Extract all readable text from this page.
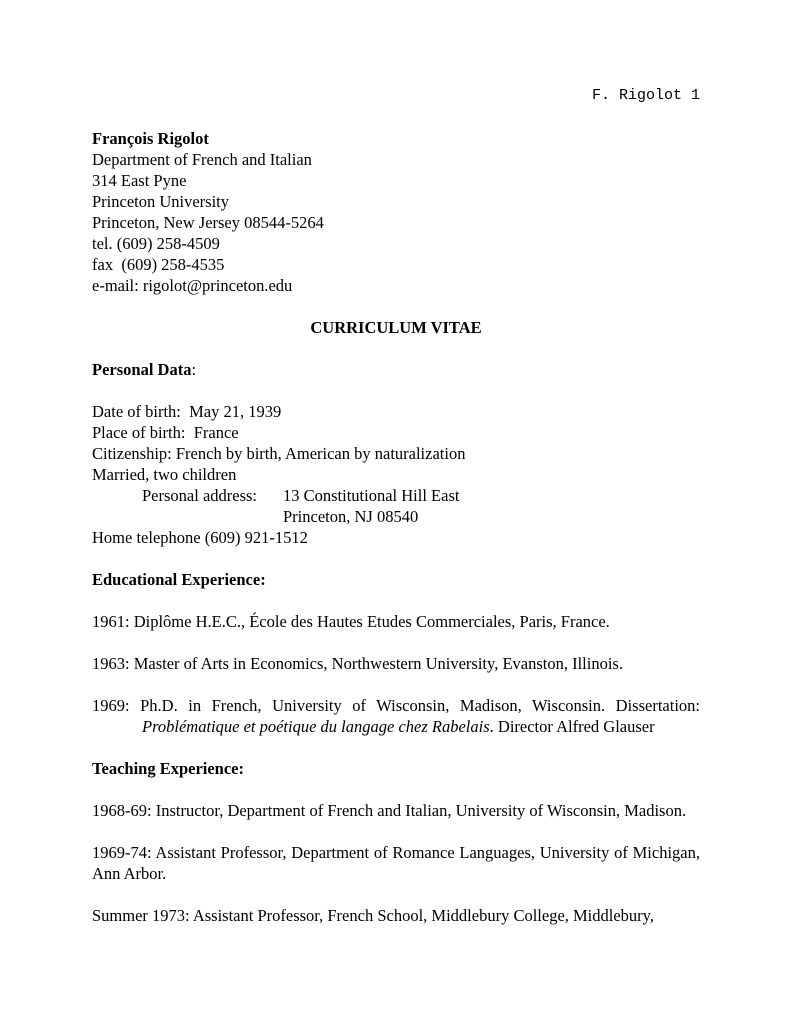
F. Rigolot 1
François Rigolot
Department of French and Italian
314 East Pyne
Princeton University
Princeton, New Jersey 08544-5264
tel. (609) 258-4509
fax  (609) 258-4535
e-mail: rigolot@princeton.edu
CURRICULUM VITAE
Personal Data:
Date of birth:  May 21, 1939
Place of birth:  France
Citizenship: French by birth, American by naturalization
Married, two children
Personal address: 13 Constitutional Hill East
Princeton, NJ 08540
Home telephone (609) 921-1512
Educational Experience:
1961: Diplôme H.E.C., École des Hautes Etudes Commerciales, Paris, France.
1963: Master of Arts in Economics, Northwestern University, Evanston, Illinois.
1969: Ph.D. in French, University of Wisconsin, Madison, Wisconsin. Dissertation: Problématique et poétique du langage chez Rabelais. Director Alfred Glauser
Teaching Experience:
1968-69: Instructor, Department of French and Italian, University of Wisconsin, Madison.
1969-74: Assistant Professor, Department of Romance Languages, University of Michigan, Ann Arbor.
Summer 1973: Assistant Professor, French School, Middlebury College, Middlebury,
